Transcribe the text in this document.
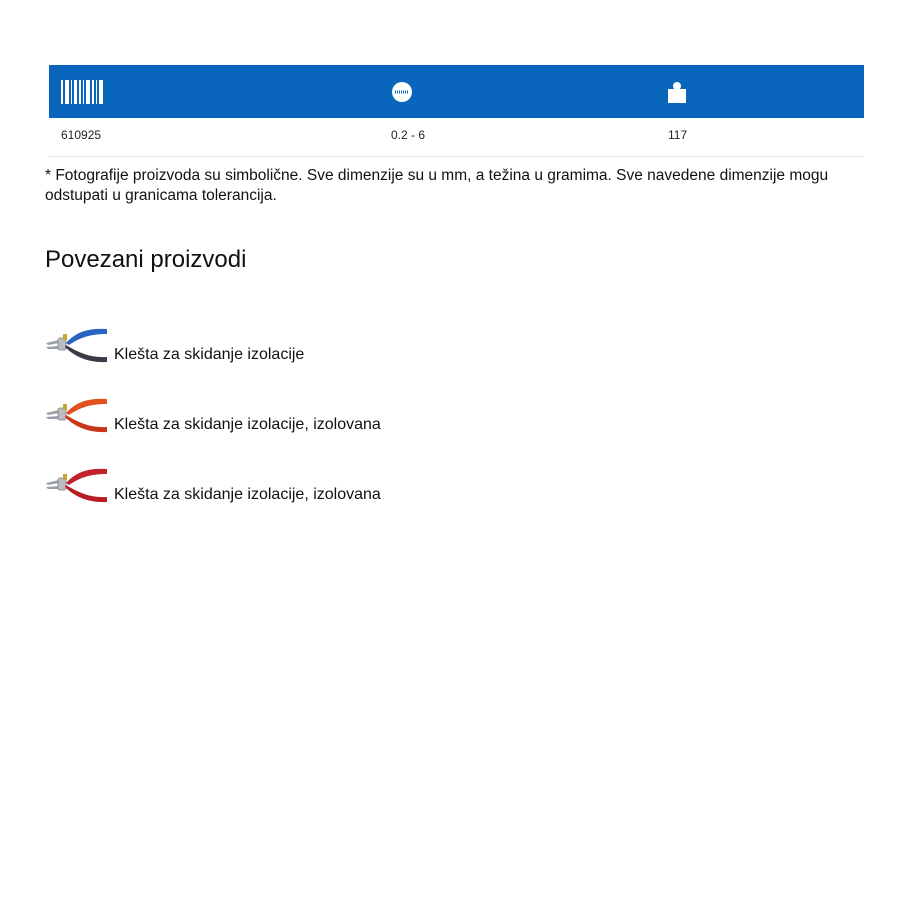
610925	0.2 - 6	117
* Fotografije proizvoda su simbolične. Sve dimenzije su u mm, a težina u gramima. Sve navedene dimenzije mogu odstupati u granicama tolerancija.
Povezani proizvodi
Klešta za skidanje izolacije
Klešta za skidanje izolacije, izolovana
Klešta za skidanje izolacije, izolovana
